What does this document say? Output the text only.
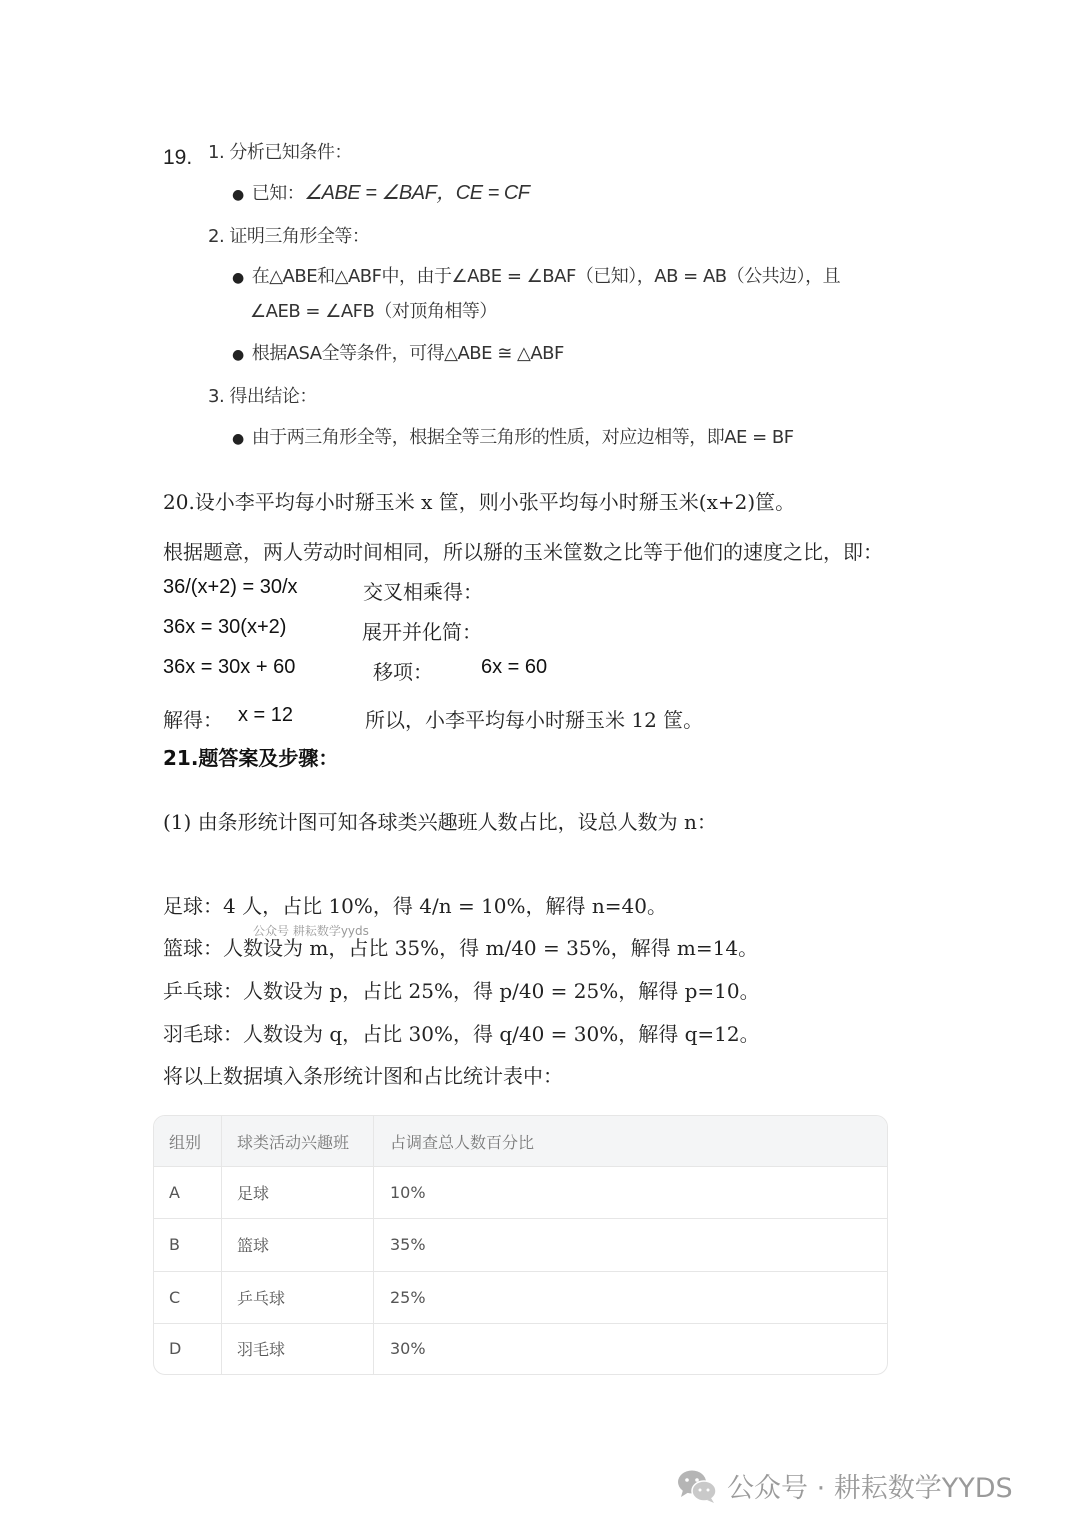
19. 1. 分析已知条件：
● 已知：∠ABE = ∠BAF，CE = CF
2. 证明三角形全等：
● 在△ABE和△ABF中，由于∠ABE = ∠BAF（已知），AB = AB（公共边），且
∠AEB = ∠AFB（对顶角相等）
● 根据ASA全等条件，可得△ABE ≅ △ABF
3. 得出结论：
● 由于两三角形全等，根据全等三角形的性质，对应边相等，即AE = BF
20.设小李平均每小时掰玉米 x 筐，则小张平均每小时掰玉米(x+2)筐。
根据题意，两人劳动时间相同，所以掰的玉米筐数之比等于他们的速度之比，即：
36/(x+2) = 30/x	交叉相乘得：
36x = 30(x+2)	展开并化简：
36x = 30x + 60	移项： 6x = 60
解得： x = 12	所以，小李平均每小时掰玉米 12 筐。
21.题答案及步骤：
(1) 由条形统计图可知各球类兴趣班人数占比，设总人数为 n：
足球：4 人，占比 10%，得 4/n = 10%，解得 n=40。
公众号 耕耘数学yyds
篮球：人数设为 m，占比 35%，得 m/40 = 35%，解得 m=14。
乒乓球：人数设为 p，占比 25%，得 p/40 = 25%，解得 p=10。
羽毛球：人数设为 q，占比 30%，得 q/40 = 30%，解得 q=12。
将以上数据填入条形统计图和占比统计表中：
组别	球类活动兴趣班	占调查总人数百分比
A	足球	10%
B	篮球	35%
C	乒乓球	25%
D	羽毛球	30%
公众号 · 耕耘数学YYDS
